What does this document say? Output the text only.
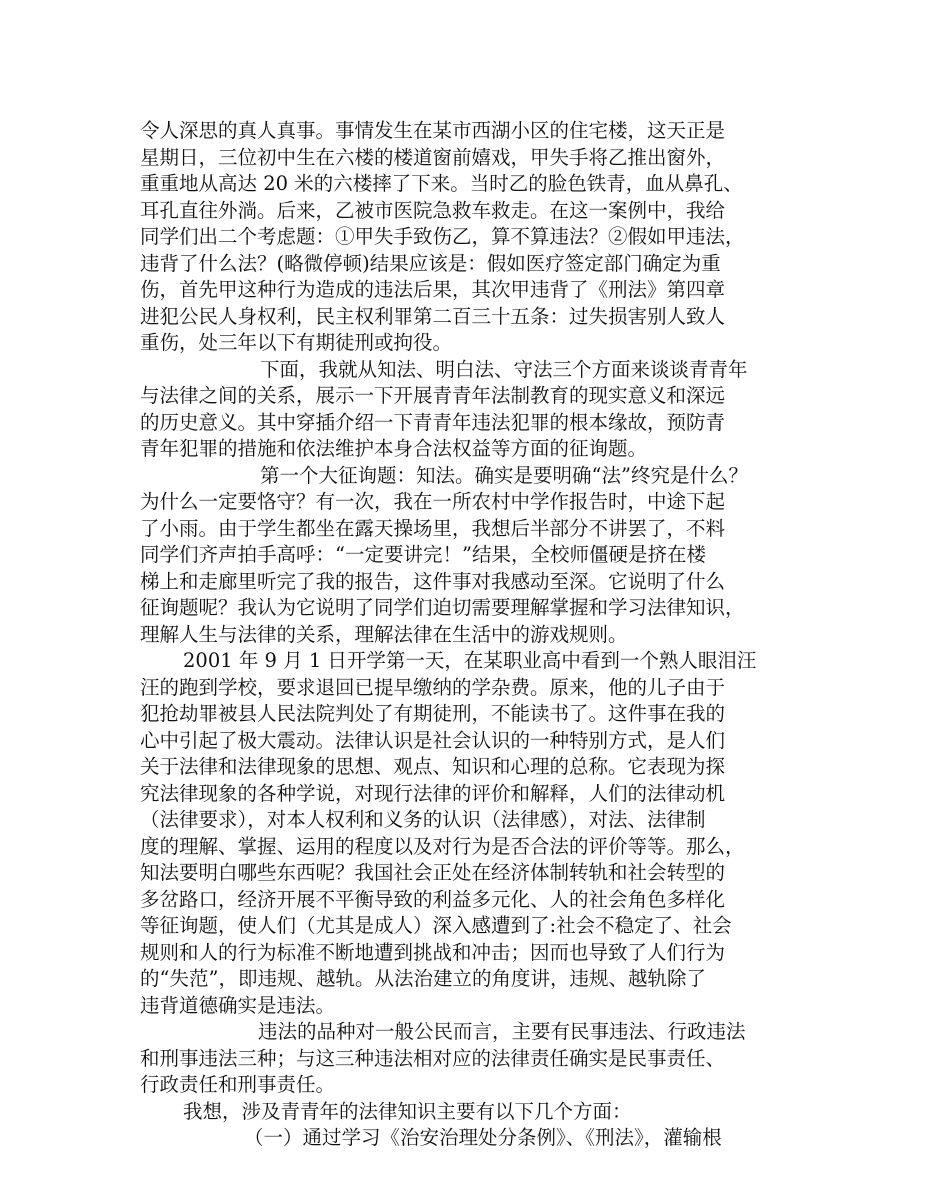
令人深思的真人真事。事情发生在某市西湖小区的住宅楼，这天正是
星期日，三位初中生在六楼的楼道窗前嬉戏，甲失手将乙推出窗外，
重重地从高达 20 米的六楼摔了下来。当时乙的脸色铁青，血从鼻孔、
耳孔直往外淌。后来，乙被市医院急救车救走。在这一案例中，我给
同学们出二个考虑题：①甲失手致伤乙，算不算违法？②假如甲违法，
违背了什么法？(略微停顿)结果应该是：假如医疗签定部门确定为重
伤，首先甲这种行为造成的违法后果，其次甲违背了《刑法》第四章
进犯公民人身权利，民主权利罪第二百三十五条：过失损害别人致人
重伤，处三年以下有期徒刑或拘役。
下面，我就从知法、明白法、守法三个方面来谈谈青青年
与法律之间的关系，展示一下开展青青年法制教育的现实意义和深远
的历史意义。其中穿插介绍一下青青年违法犯罪的根本缘故，预防青
青年犯罪的措施和依法维护本身合法权益等方面的征询题。
第一个大征询题：知法。确实是要明确“法”终究是什么？
为什么一定要恪守？有一次，我在一所农村中学作报告时，中途下起
了小雨。由于学生都坐在露天操场里，我想后半部分不讲罢了，不料
同学们齐声拍手高呼：“一定要讲完！”结果，全校师僵硬是挤在楼
梯上和走廊里听完了我的报告，这件事对我感动至深。它说明了什么
征询题呢？我认为它说明了同学们迫切需要理解掌握和学习法律知识，
理解人生与法律的关系，理解法律在生活中的游戏规则。
2001 年 9 月 1 日开学第一天，在某职业高中看到一个熟人眼泪汪
汪的跑到学校，要求退回已提早缴纳的学杂费。原来，他的儿子由于
犯抢劫罪被县人民法院判处了有期徒刑，不能读书了。这件事在我的
心中引起了极大震动。法律认识是社会认识的一种特别方式，是人们
关于法律和法律现象的思想、观点、知识和心理的总称。它表现为探
究法律现象的各种学说，对现行法律的评价和解释，人们的法律动机
（法律要求），对本人权利和义务的认识（法律感），对法、法律制
度的理解、掌握、运用的程度以及对行为是否合法的评价等等。那么，
知法要明白哪些东西呢？我国社会正处在经济体制转轨和社会转型的
多岔路口，经济开展不平衡导致的利益多元化、人的社会角色多样化
等征询题，使人们（尤其是成人）深入感遭到了:社会不稳定了、社会
规则和人的行为标准不断地遭到挑战和冲击；因而也导致了人们行为
的“失范”，即违规、越轨。从法治建立的角度讲，违规、越轨除了
违背道德确实是违法。
违法的品种对一般公民而言，主要有民事违法、行政违法
和刑事违法三种；与这三种违法相对应的法律责任确实是民事责任、
行政责任和刑事责任。
我想，涉及青青年的法律知识主要有以下几个方面：
（一）通过学习《治安治理处分条例》、《刑法》，灌输根
